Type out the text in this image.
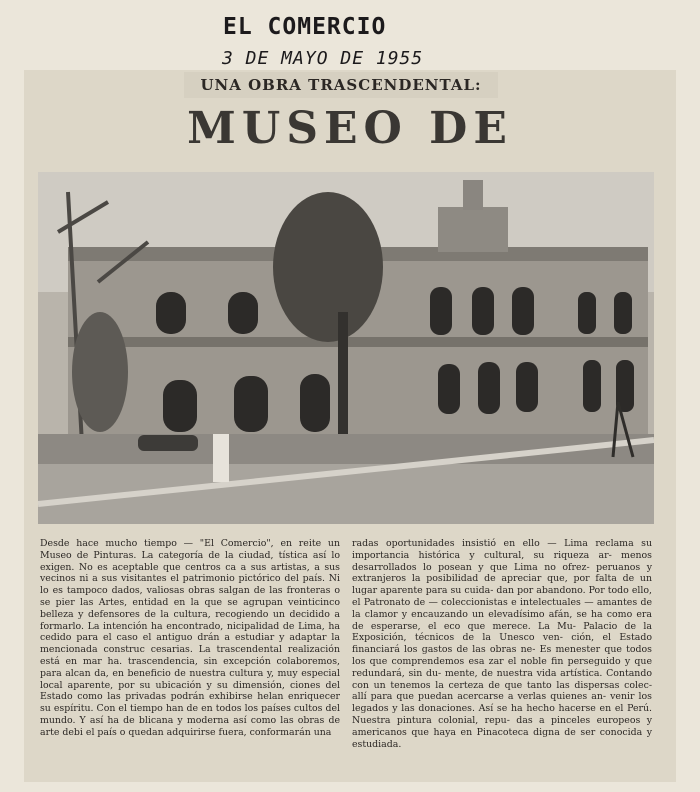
EL COMERCIO
3 DE MAYO DE 1955
UNA OBRA TRASCENDENTAL:
MUSEO DE

Desde hace mucho tiempo — "El Comercio", en reite un Museo de Pinturas. La categoría de la ciudad, tística así lo exigen. No es aceptable que centros ca a sus artistas, a sus vecinos ni a sus visitantes el patrimonio pictórico del país. Ni lo es tampoco dados, valiosas obras salgan de las fronteras o se pier las Artes, entidad en la que se agrupan veinticinco belleza y defensores de la cultura, recogiendo un decidido a formarlo. La intención ha encontrado, nicipalidad de Lima, ha cedido para el caso el antiguo drán a estudiar y adaptar la mencionada construc cesarias. La trascendental realización está en mar ha. trascendencia, sin excepción colaboremos, para alcan da, en beneficio de nuestra cultura y, muy especial local aparente, por su ubicación y su dimensión, ciones del Estado como las privadas podrán exhibirse helan enriquecer su espíritu. Con el tiempo han de en todos los países cultos del mundo. Y así ha de blicana y moderna así como las obras de arte debi el país o quedan adquirirse fuera, conformarán una

radas oportunidades insistió en ello — Lima reclama su importancia histórica y cultural, su riqueza ar- menos desarrollados lo posean y que Lima no ofrez- peruanos y extranjeros la posibilidad de apreciar que, por falta de un lugar aparente para su cuida- dan por abandono. Por todo ello, el Patronato de — coleccionistas e intelectuales — amantes de la clamor y encauzando un elevadísimo afán, se ha como era de esperarse, el eco que merece. La Mu- Palacio de la Exposición, técnicos de la Unesco ven- ción, el Estado financiará los gastos de las obras ne- Es menester que todos los que comprendemos esa zar el noble fin perseguido y que redundará, sin du- mente, de nuestra vida artística. Contando con un tenemos la certeza de que tanto las dispersas colec- allí para que puedan acercarse a verlas quienes an- venir los legados y las donaciones. Así se ha hecho hacerse en el Perú. Nuestra pintura colonial, repu- das a pinceles europeos y americanos que haya en Pinacoteca digna de ser conocida y estudiada.
